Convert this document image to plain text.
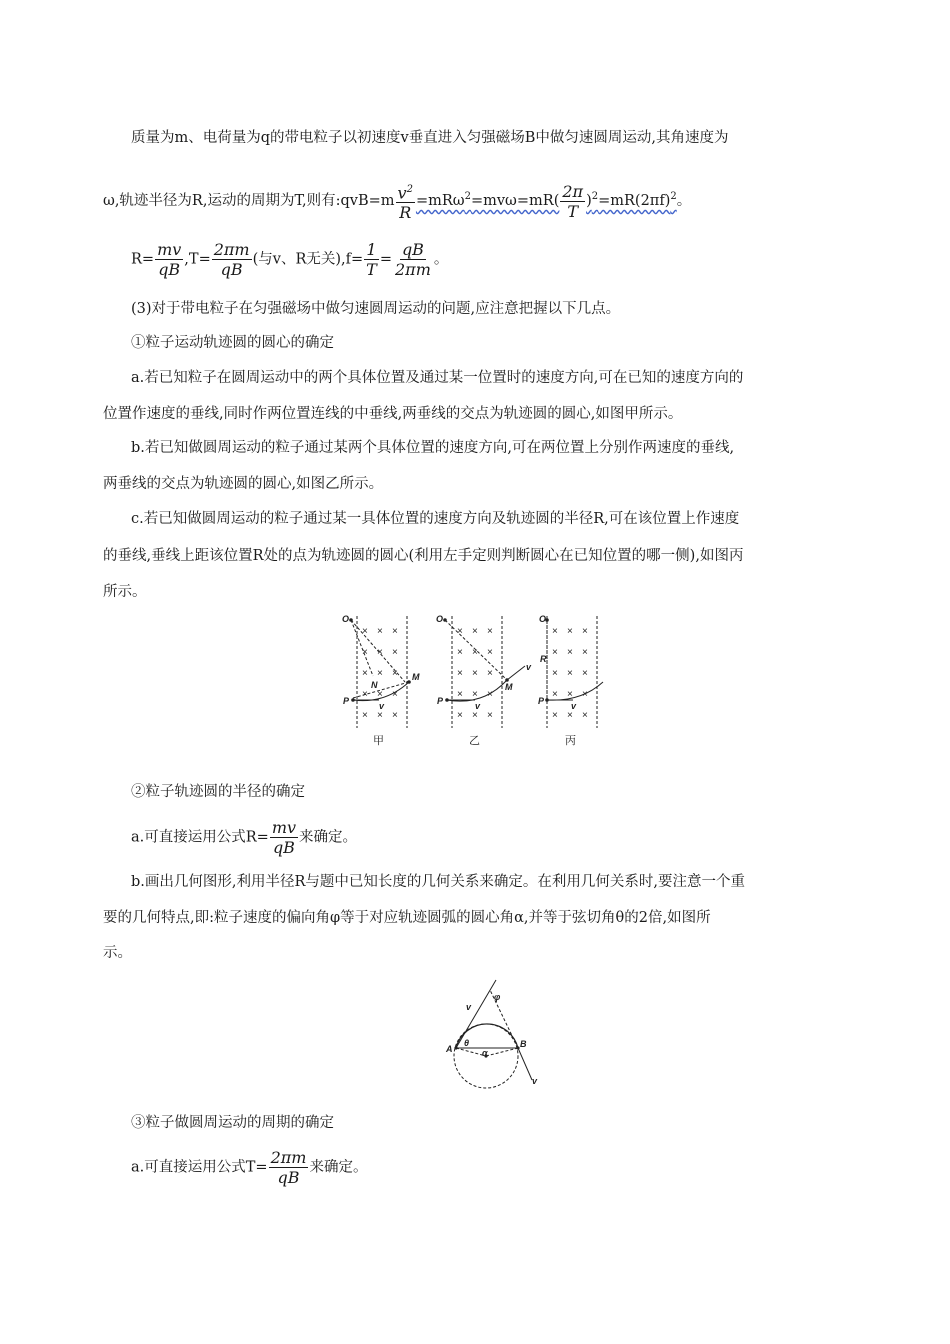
质量为m、电荷量为q的带电粒子以初速度v垂直进入匀强磁场B中做匀速圆周运动,其角速度为
ω,轨迹半径为R,运动的周期为T,则有:qvB=m $\frac{v^2}{R} =mR\omega^2=mv\omega=mR( \frac{2\pi}{T} )^2=mR(2\pi f)^2$。
$R= \frac{mv}{qB} ,T= \frac{2\pi m}{qB}$ (与v、R无关)$,f= \frac{1}{T} = \frac{qB}{2\pi m}$ 。
(3)对于带电粒子在匀强磁场中做匀速圆周运动的问题,应注意把握以下几点。
①粒子运动轨迹圆的圆心的确定
a.若已知粒子在圆周运动中的两个具体位置及通过某一位置时的速度方向,可在已知的速度方向的
位置作速度的垂线,同时作两位置连线的中垂线,两垂线的交点为轨迹圆的圆心,如图甲所示。
b.若已知做圆周运动的粒子通过某两个具体位置的速度方向,可在两位置上分别作两速度的垂线,
两垂线的交点为轨迹圆的圆心,如图乙所示。
c.若已知做圆周运动的粒子通过某一具体位置的速度方向及轨迹圆的半径R,可在该位置上作速度
的垂线,垂线上距该位置R处的点为轨迹圆的圆心(利用左手定则判断圆心在已知位置的哪一侧),如图丙
所示。
O
P
M
N
v
O
P
M
v
v
O
R
P	v
× × ×
× × ×
× × ×
× × ×
× × ×
× × ×
× × ×
× × ×
× × ×
× × ×
× × ×
× × ×
× × ×
× × ×
× × ×
甲	乙	丙
②粒子轨迹圆的半径的确定
a.可直接运用公式$R= \frac{mv}{qB}$ 来确定。
b.画出几何图形,利用半径R与题中已知长度的几何关系来确定。在利用几何关系时,要注意一个重
要的几何特点,即:粒子速度的偏向角φ等于对应轨迹圆弧的圆心角α,并等于弦切角θ的2倍,如图所
示。
A	B
θ
α
φ
v
v
③粒子做圆周运动的周期的确定
a.可直接运用公式$T= \frac{2\pi m}{qB}$ 来确定。
